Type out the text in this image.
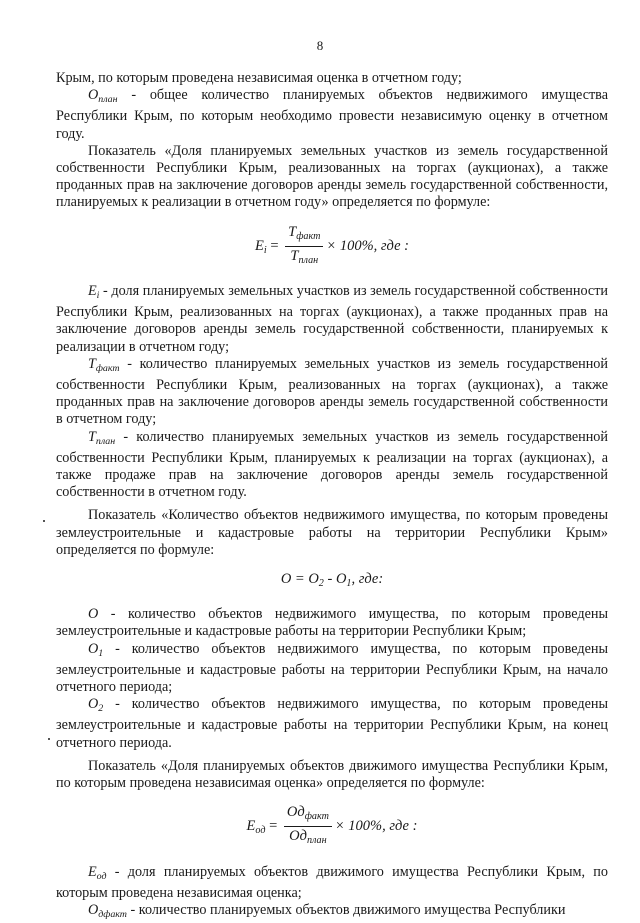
8

Крым, по которым проведена независимая оценка в отчетном году;

$О_{план}$ - общее количество планируемых объектов недвижимого имущества Республики Крым, по которым необходимо провести независимую оценку в отчетном году.

Показатель «Доля планируемых земельных участков из земель государственной собственности Республики Крым, реализованных на торгах (аукционах), а также проданных прав на заключение договоров аренды земель государственной собственности, планируемых к реализации в отчетном году» определяется по формуле:

$E_i = \frac{T_{факт}}{T_{план}} \times 100\%$, где :

$E_i$ - доля планируемых земельных участков из земель государственной собственности Республики Крым, реализованных на торгах (аукционах), а также проданных прав на заключение договоров аренды земель государственной собственности, планируемых к реализации в отчетном году;

$T_{факт}$ - количество планируемых земельных участков из земель государственной собственности Республики Крым, реализованных на торгах (аукционах), а также проданных прав на заключение договоров аренды земель государственной собственности в отчетном году;

$T_{план}$ - количество планируемых земельных участков из земель государственной собственности Республики Крым, планируемых к реализации на торгах (аукционах), а также продаже прав на заключение договоров аренды земель государственной собственности в отчетном году.

Показатель «Количество объектов недвижимого имущества, по которым проведены землеустроительные и кадастровые работы на территории Республики Крым» определяется по формуле:

$O = O_2 - O_1$, где:

O - количество объектов недвижимого имущества, по которым проведены землеустроительные и кадастровые работы на территории Республики Крым;

$O_1$ - количество объектов недвижимого имущества, по которым проведены землеустроительные и кадастровые работы на территории Республики Крым, на начало отчетного периода;

$O_2$ - количество объектов недвижимого имущества, по которым проведены землеустроительные и кадастровые работы на территории Республики Крым, на конец отчетного периода.

Показатель «Доля планируемых объектов движимого имущества Республики Крым, по которым проведена независимая оценка» определяется по формуле:

$E_{од} = \frac{Од_{факт}}{Од_{план}} \times 100\%$, где :

$E_{од}$ - доля планируемых объектов движимого имущества Республики Крым, по которым проведена независимая оценка;

$О_{дфакт}$ - количество планируемых объектов движимого имущества Республики
